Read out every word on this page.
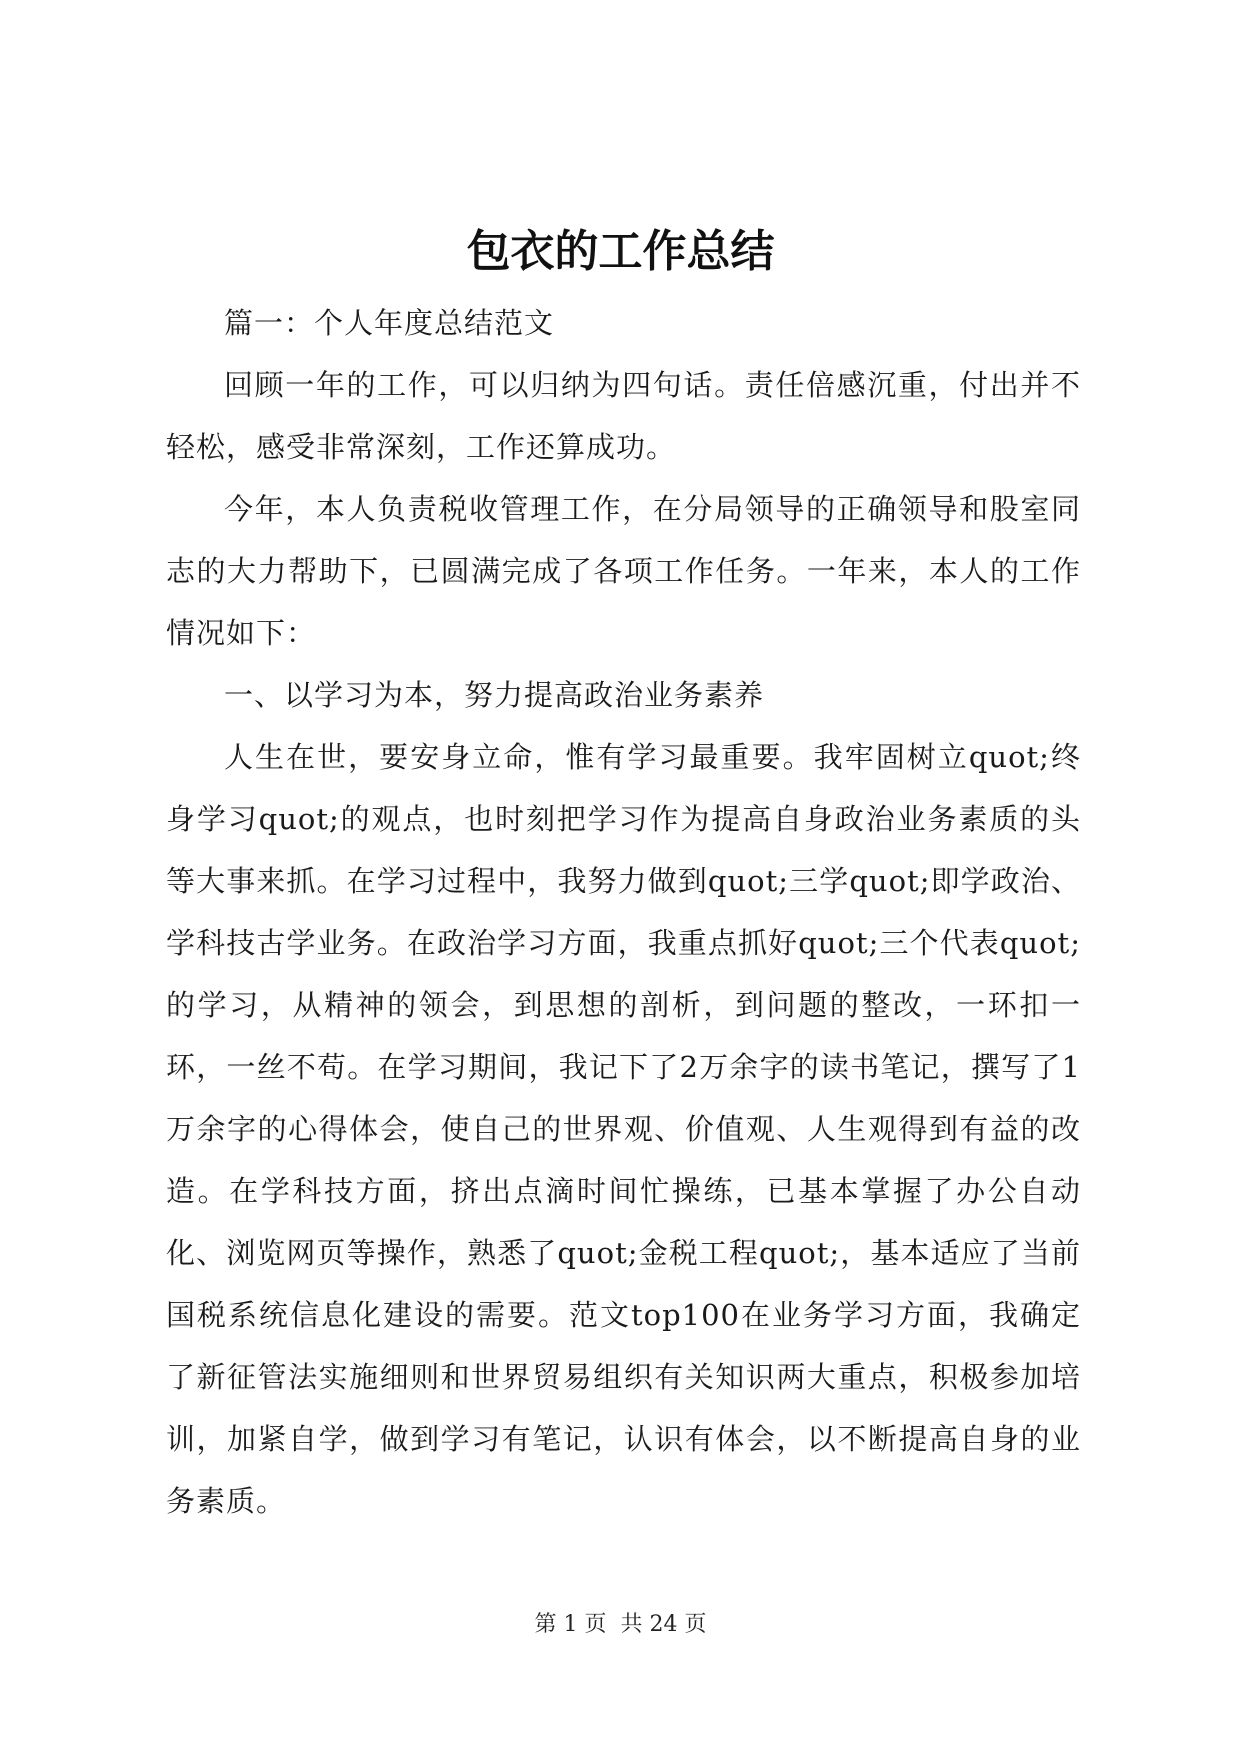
包衣的工作总结

篇一：个人年度总结范文

回顾一年的工作，可以归纳为四句话。责任倍感沉重，付出并不轻松，感受非常深刻，工作还算成功。

今年，本人负责税收管理工作，在分局领导的正确领导和股室同志的大力帮助下，已圆满完成了各项工作任务。一年来，本人的工作情况如下：

一、以学习为本，努力提高政治业务素养

人生在世，要安身立命，惟有学习最重要。我牢固树立quot;终身学习quot;的观点，也时刻把学习作为提高自身政治业务素质的头等大事来抓。在学习过程中，我努力做到quot;三学quot;即学政治、学科技古学业务。在政治学习方面，我重点抓好quot;三个代表quot;的学习，从精神的领会，到思想的剖析，到问题的整改，一环扣一环，一丝不苟。在学习期间，我记下了2万余字的读书笔记，撰写了1万余字的心得体会，使自己的世界观、价值观、人生观得到有益的改造。在学科技方面，挤出点滴时间忙操练，已基本掌握了办公自动化、浏览网页等操作，熟悉了quot;金税工程quot;，基本适应了当前国税系统信息化建设的需要。范文top100在业务学习方面，我确定了新征管法实施细则和世界贸易组织有关知识两大重点，积极参加培训，加紧自学，做到学习有笔记，认识有体会，以不断提高自身的业务素质。

第 1 页 共 24 页
